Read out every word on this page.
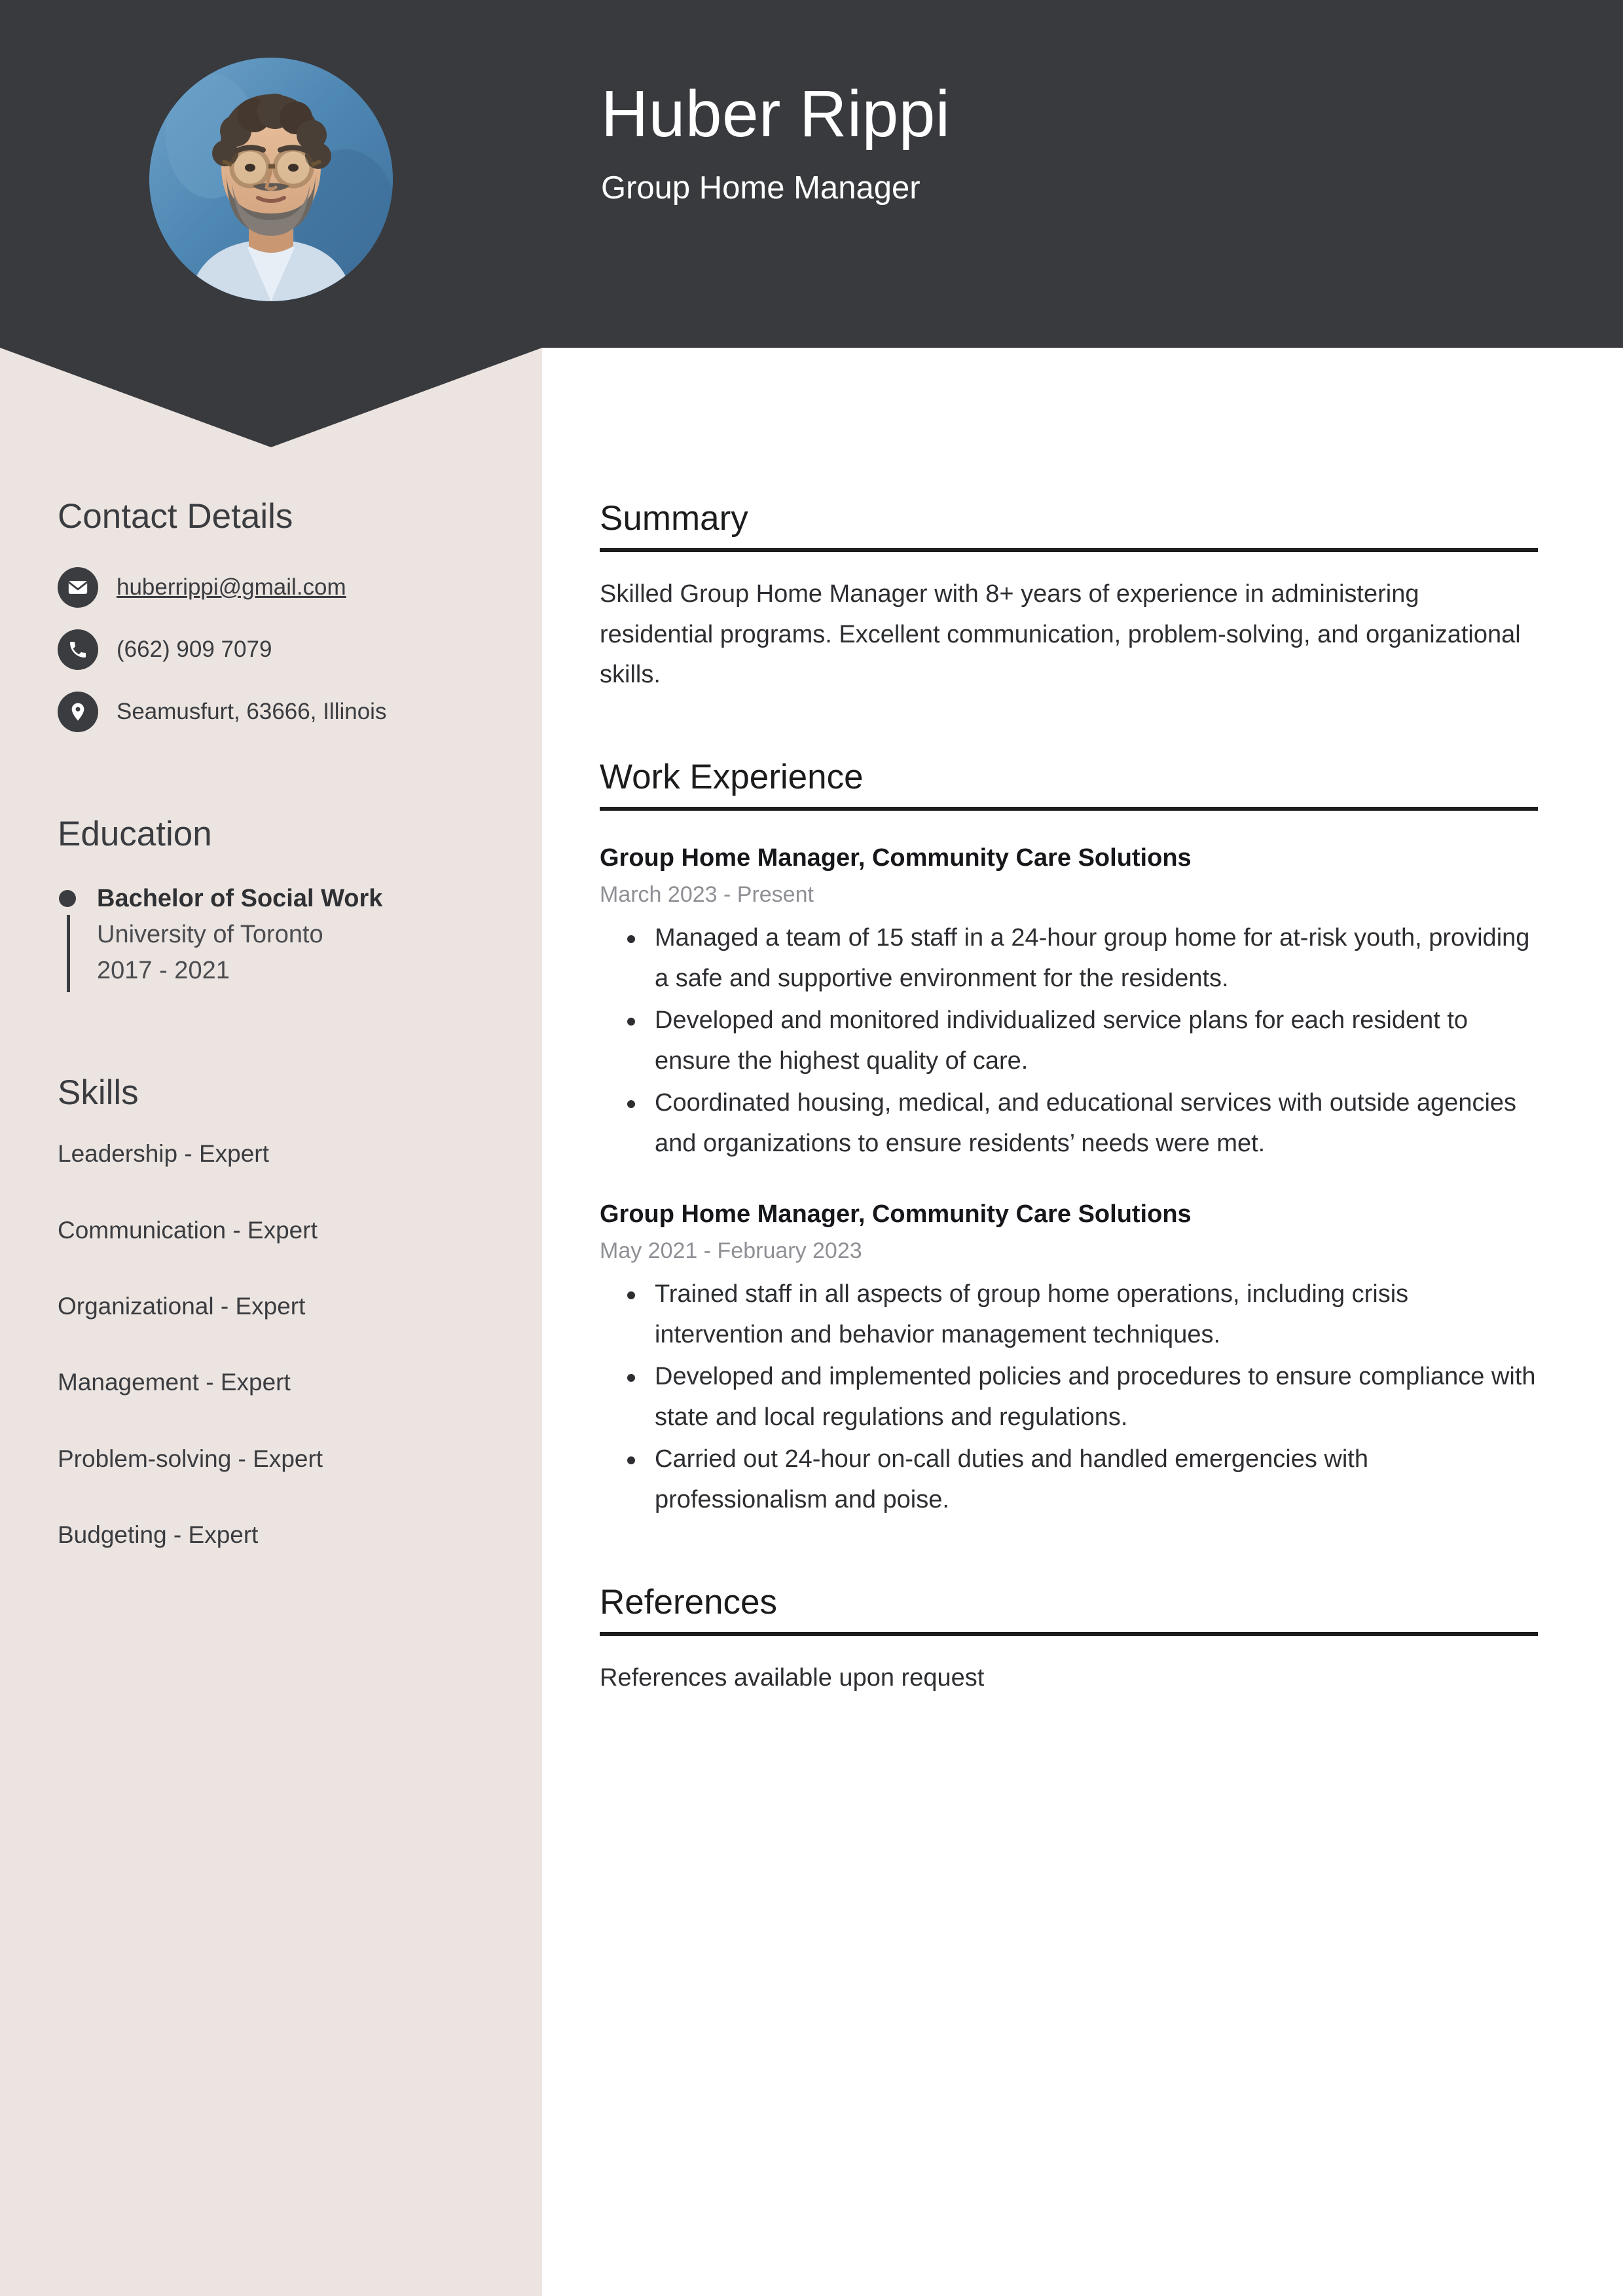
Huber Rippi
Group Home Manager
Contact Details
huberrippi@gmail.com
(662) 909 7079
Seamusfurt, 63666, Illinois
Education
Bachelor of Social Work
University of Toronto
2017 - 2021
Skills
Leadership - Expert
Communication - Expert
Organizational - Expert
Management - Expert
Problem-solving - Expert
Budgeting - Expert
Summary
Skilled Group Home Manager with 8+ years of experience in administering residential programs. Excellent communication, problem-solving, and organizational skills.
Work Experience
Group Home Manager, Community Care Solutions
March 2023 - Present
Managed a team of 15 staff in a 24-hour group home for at-risk youth, providing a safe and supportive environment for the residents.
Developed and monitored individualized service plans for each resident to ensure the highest quality of care.
Coordinated housing, medical, and educational services with outside agencies and organizations to ensure residents’ needs were met.
Group Home Manager, Community Care Solutions
May 2021 - February 2023
Trained staff in all aspects of group home operations, including crisis intervention and behavior management techniques.
Developed and implemented policies and procedures to ensure compliance with state and local regulations and regulations.
Carried out 24-hour on-call duties and handled emergencies with professionalism and poise.
References
References available upon request
